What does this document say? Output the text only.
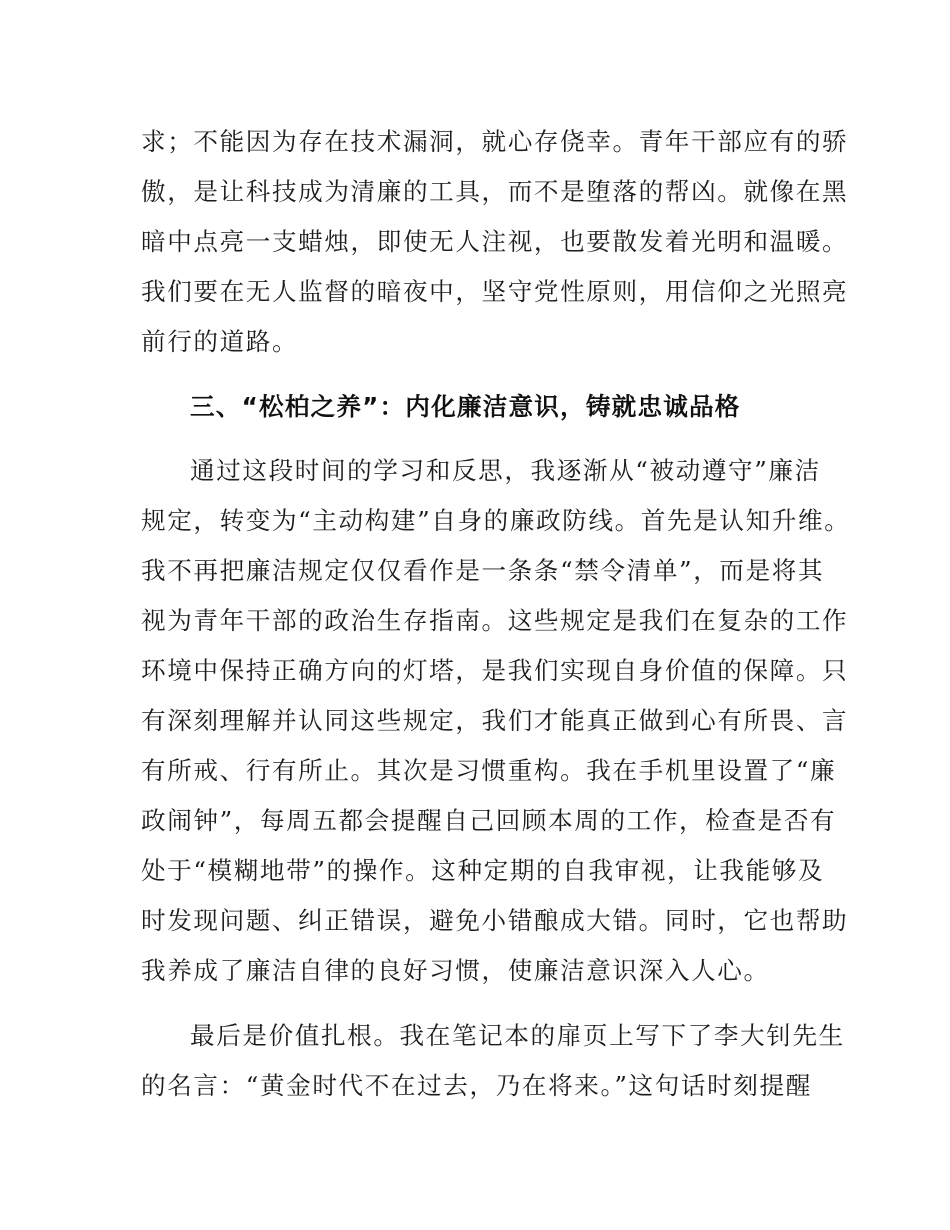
求；不能因为存在技术漏洞，就心存侥幸。青年干部应有的骄
傲，是让科技成为清廉的工具，而不是堕落的帮凶。就像在黑
暗中点亮一支蜡烛，即使无人注视，也要散发着光明和温暖。
我们要在无人监督的暗夜中，坚守党性原则，用信仰之光照亮
前行的道路。
三、“松柏之养”：内化廉洁意识，铸就忠诚品格
通过这段时间的学习和反思，我逐渐从“被动遵守”廉洁
规定，转变为“主动构建”自身的廉政防线。首先是认知升维。
我不再把廉洁规定仅仅看作是一条条“禁令清单”，而是将其
视为青年干部的政治生存指南。这些规定是我们在复杂的工作
环境中保持正确方向的灯塔，是我们实现自身价值的保障。只
有深刻理解并认同这些规定，我们才能真正做到心有所畏、言
有所戒、行有所止。其次是习惯重构。我在手机里设置了“廉
政闹钟”，每周五都会提醒自己回顾本周的工作，检查是否有
处于“模糊地带”的操作。这种定期的自我审视，让我能够及
时发现问题、纠正错误，避免小错酿成大错。同时，它也帮助
我养成了廉洁自律的良好习惯，使廉洁意识深入人心。
最后是价值扎根。我在笔记本的扉页上写下了李大钊先生
的名言：“黄金时代不在过去，乃在将来。”这句话时刻提醒
